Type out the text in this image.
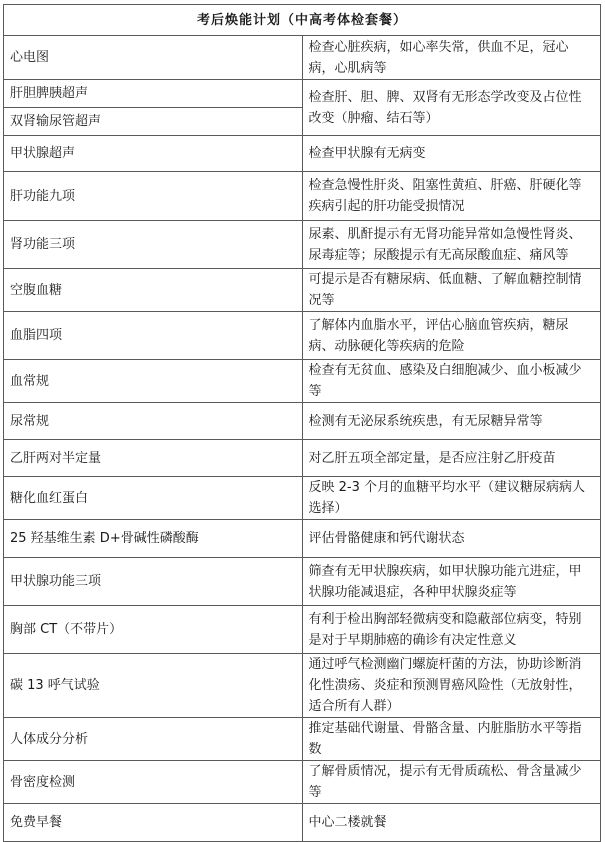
考后焕能计划（中高考体检套餐）	
心电图	检查心脏疾病，如心率失常，供血不足，冠心病，心肌病等

肝胆脾胰超声
双肾输尿管超声	检查肝、胆、脾、双肾有无形态学改变及占位性改变（肿瘤、结石等）
甲状腺超声	检查甲状腺有无病变
肝功能九项	检查急慢性肝炎、阻塞性黄疸、肝癌、肝硬化等疾病引起的肝功能受损情况
肾功能三项	尿素、肌酐提示有无肾功能异常如急慢性肾炎、尿毒症等；尿酸提示有无高尿酸血症、痛风等
空腹血糖	可提示是否有糖尿病、低血糖、了解血糖控制情况等
血脂四项	了解体内血脂水平，评估心脑血管疾病，糖尿病、动脉硬化等疾病的危险
血常规	检查有无贫血、感染及白细胞减少、血小板减少等
尿常规	检测有无泌尿系统疾患，有无尿糖异常等
乙肝两对半定量	对乙肝五项全部定量，是否应注射乙肝疫苗
糖化血红蛋白	反映 2-3 个月的血糖平均水平（建议糖尿病病人选择）
25 羟基维生素 D+骨碱性磷酸酶	评估骨骼健康和钙代谢状态
甲状腺功能三项	筛查有无甲状腺疾病，如甲状腺功能亢进症，甲状腺功能减退症，各种甲状腺炎症等
胸部 CT（不带片）	有利于检出胸部轻微病变和隐蔽部位病变，特别是对于早期肺癌的确诊有决定性意义
碳 13 呼气试验	通过呼气检测幽门螺旋杆菌的方法，协助诊断消化性溃疡、炎症和预测胃癌风险性（无放射性，适合所有人群）
人体成分分析	推定基础代谢量、骨骼含量、内脏脂肪水平等指数
骨密度检测	了解骨质情况，提示有无骨质疏松、骨含量减少等
免费早餐	中心二楼就餐
